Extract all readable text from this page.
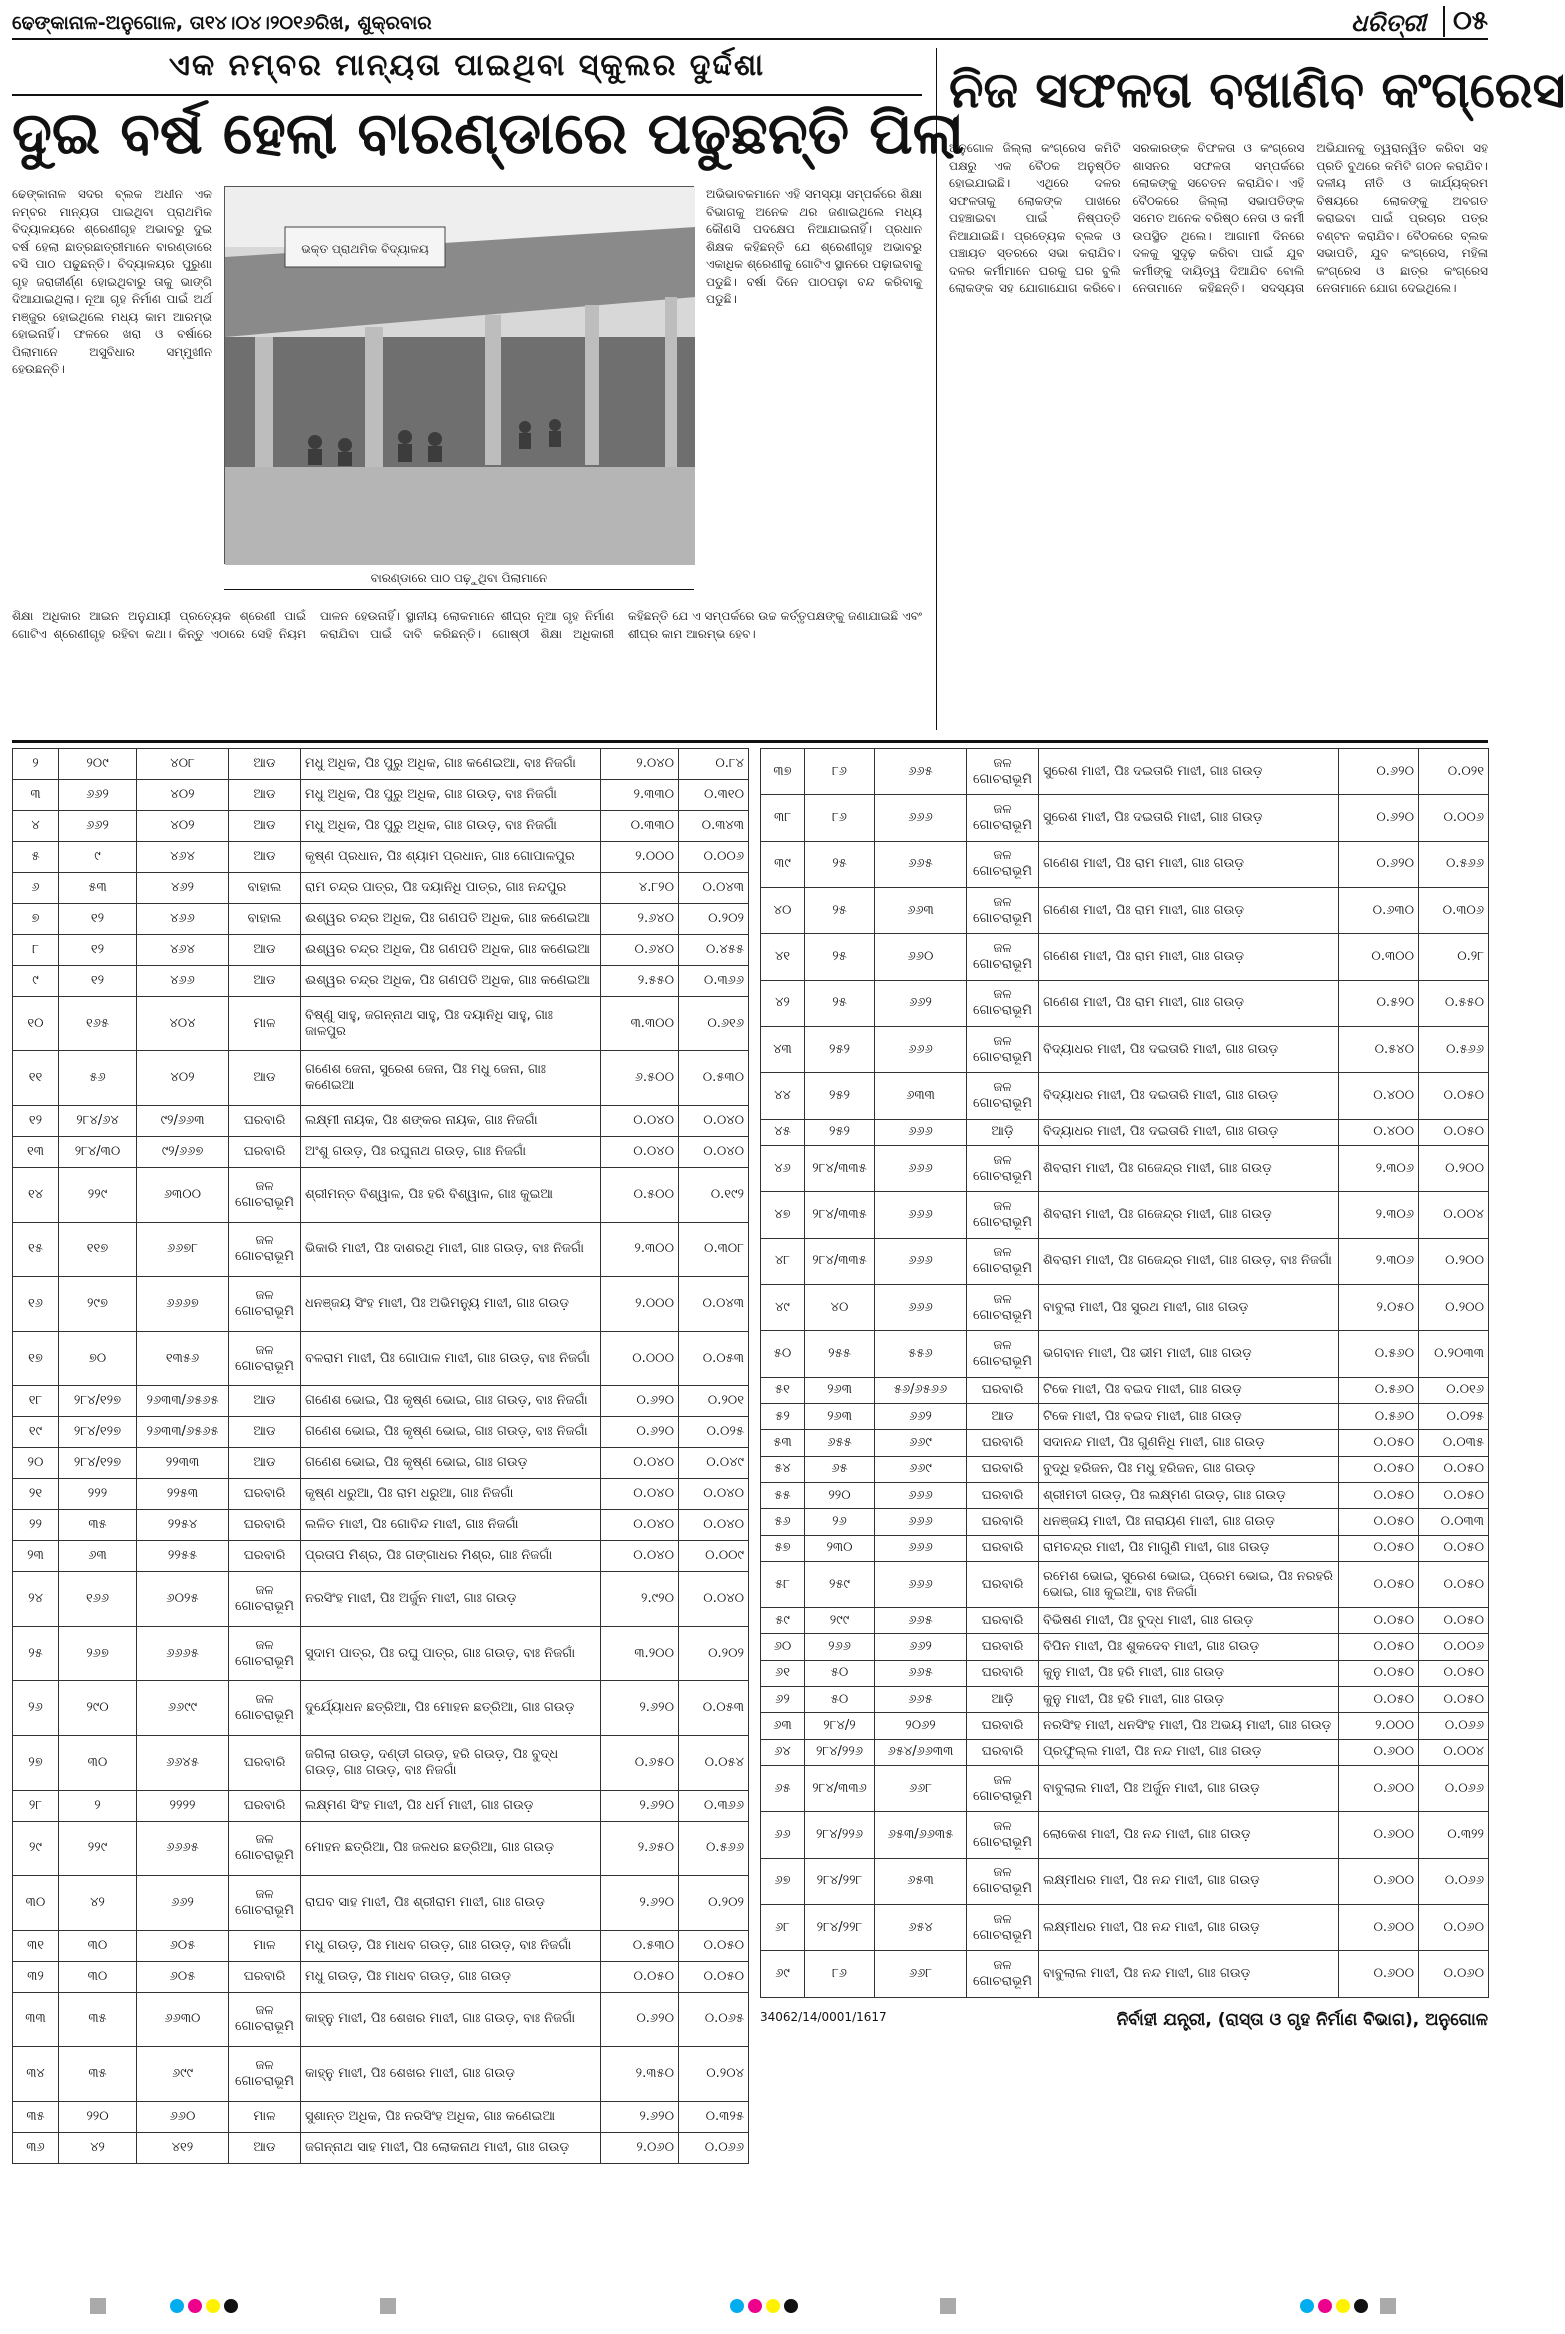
ଢେଙ୍କାନାଳ-ଅନୁଗୋଳ, ତା୧୪।୦୪।୨୦୧୬ରିଖ, ଶୁକ୍ରବାର	ଧରିତ୍ରୀ	୦୫
ଏକ ନମ୍ବର ମାନ୍ୟତା ପାଇଥିବା ସ୍କୁଲର ଦୁର୍ଦ୍ଦଶା
ଦୁଇ ବର୍ଷ ହେଲା ବାରଣ୍ଡାରେ ପଢୁଛନ୍ତି ପିଲା
ଢେଙ୍କାନାଳ ସଦର ବ୍ଲକ ଅଧୀନ ଏକ ନମ୍ବର ମାନ୍ୟତା ପାଇଥିବା ପ୍ରାଥମିକ ବିଦ୍ୟାଳୟରେ ଶ୍ରେଣୀଗୃହ ଅଭାବରୁ ଦୁଇ ବର୍ଷ ହେଲା ଛାତ୍ରଛାତ୍ରୀମାନେ ବାରଣ୍ଡାରେ ବସି ପାଠ ପଢୁଛନ୍ତି। ବିଦ୍ୟାଳୟର ପୁରୁଣା ଗୃହ ଜରାଜୀର୍ଣ୍ଣ ହୋଇଥିବାରୁ ତାକୁ ଭାଙ୍ଗି ଦିଆଯାଇଥିଲା। ନୂଆ ଗୃହ ନିର୍ମାଣ ପାଇଁ ଅର୍ଥ ମଞ୍ଜୁର ହୋଇଥିଲେ ମଧ୍ୟ କାମ ଆରମ୍ଭ ହୋଇନାହିଁ। ଫଳରେ ଖରା ଓ ବର୍ଷାରେ ପିଲାମାନେ ଅସୁବିଧାର ସମ୍ମୁଖୀନ ହେଉଛନ୍ତି।
ଭକ୍ତ ପ୍ରାଥମିକ ବିଦ୍ୟାଳୟ
ବାରଣ୍ଡାରେ ପାଠ ପଢ଼ୁଥିବା ପିଲାମାନେ
ଅଭିଭାବକମାନେ ଏହି ସମସ୍ୟା ସମ୍ପର୍କରେ ଶିକ୍ଷା ବିଭାଗକୁ ଅନେକ ଥର ଜଣାଇଥିଲେ ମଧ୍ୟ କୌଣସି ପଦକ୍ଷେପ ନିଆଯାଇନାହିଁ। ପ୍ରଧାନ ଶିକ୍ଷକ କହିଛନ୍ତି ଯେ ଶ୍ରେଣୀଗୃହ ଅଭାବରୁ ଏକାଧିକ ଶ୍ରେଣୀକୁ ଗୋଟିଏ ସ୍ଥାନରେ ପଢ଼ାଇବାକୁ ପଡୁଛି। ବର୍ଷା ଦିନେ ପାଠପଢ଼ା ବନ୍ଦ କରିବାକୁ ପଡୁଛି।
ଶିକ୍ଷା ଅଧିକାର ଆଇନ ଅନୁଯାୟୀ ପ୍ରତ୍ୟେକ ଶ୍ରେଣୀ ପାଇଁ ଗୋଟିଏ ଶ୍ରେଣୀଗୃହ ରହିବା କଥା। କିନ୍ତୁ ଏଠାରେ ସେହି ନିୟମ ପାଳନ ହେଉନାହିଁ। ସ୍ଥାନୀୟ ଲୋକମାନେ ଶୀଘ୍ର ନୂଆ ଗୃହ ନିର୍ମାଣ କରାଯିବା ପାଇଁ ଦାବି କରିଛନ୍ତି। ଗୋଷ୍ଠୀ ଶିକ୍ଷା ଅଧିକାରୀ କହିଛନ୍ତି ଯେ ଏ ସମ୍ପର୍କରେ ଉଚ୍ଚ କର୍ତ୍ତୃପକ୍ଷଙ୍କୁ ଜଣାଯାଇଛି ଏବଂ ଶୀଘ୍ର କାମ ଆରମ୍ଭ ହେବ।
ନିଜ ସଫଳତା ବଖାଣିବ କଂଗ୍ରେସ
ଅନୁଗୋଳ ଜିଲ୍ଲା କଂଗ୍ରେସ କମିଟି ପକ୍ଷରୁ ଏକ ବୈଠକ ଅନୁଷ୍ଠିତ ହୋଇଯାଇଛି। ଏଥିରେ ଦଳର ସଫଳତାକୁ ଲୋକଙ୍କ ପାଖରେ ପହଞ୍ଚାଇବା ପାଇଁ ନିଷ୍ପତ୍ତି ନିଆଯାଇଛି। ପ୍ରତ୍ୟେକ ବ୍ଲକ ଓ ପଞ୍ଚାୟତ ସ୍ତରରେ ସଭା କରାଯିବ। ଦଳର କର୍ମୀମାନେ ଘରକୁ ଘର ବୁଲି ଲୋକଙ୍କ ସହ ଯୋଗାଯୋଗ କରିବେ। ସରକାରଙ୍କ ବିଫଳତା ଓ କଂଗ୍ରେସ ଶାସନର ସଫଳତା ସମ୍ପର୍କରେ ଲୋକଙ୍କୁ ସଚେତନ କରାଯିବ। ଏହି ବୈଠକରେ ଜିଲ୍ଲା ସଭାପତିଙ୍କ ସମେତ ଅନେକ ବରିଷ୍ଠ ନେତା ଓ କର୍ମୀ ଉପସ୍ଥିତ ଥିଲେ। ଆଗାମୀ ଦିନରେ ଦଳକୁ ସୁଦୃଢ଼ କରିବା ପାଇଁ ଯୁବ କର୍ମୀଙ୍କୁ ଦାୟିତ୍ୱ ଦିଆଯିବ ବୋଲି ନେତାମାନେ କହିଛନ୍ତି। ସଦସ୍ୟତା ଅଭିଯାନକୁ ତ୍ୱରାନ୍ୱିତ କରିବା ସହ ପ୍ରତି ବୁଥରେ କମିଟି ଗଠନ କରାଯିବ। ଦଳୀୟ ନୀତି ଓ କାର୍ଯ୍ୟକ୍ରମ ବିଷୟରେ ଲୋକଙ୍କୁ ଅବଗତ କରାଇବା ପାଇଁ ପ୍ରଚାର ପତ୍ର ବଣ୍ଟନ କରାଯିବ। ବୈଠକରେ ବ୍ଲକ ସଭାପତି, ଯୁବ କଂଗ୍ରେସ, ମହିଳା କଂଗ୍ରେସ ଓ ଛାତ୍ର କଂଗ୍ରେସ ନେତାମାନେ ଯୋଗ ଦେଇଥିଲେ।
୨	୨୦୯	୪୦୮	ଆଡ	ମଧୁ ଅଧିକ, ପିଃ ପୁରୁ ଅଧିକ, ଗାଃ କଣେଇଆ, ବାଃ ନିଜଗାଁ	୨.୦୪୦	୦.୮୪
୩	୬୬୨	୪୦୨	ଆଡ	ମଧୁ ଅଧିକ, ପିଃ ପୁରୁ ଅଧିକ, ଗାଃ ଗଉଡ଼, ବାଃ ନିଜଗାଁ	୨.୩୩୦	୦.୩୧୦
୪	୬୬୨	୪୦୨	ଆଡ	ମଧୁ ଅଧିକ, ପିଃ ପୁରୁ ଅଧିକ, ଗାଃ ଗଉଡ଼, ବାଃ ନିଜଗାଁ	୦.୩୩୦	୦.୩୪୩
୫	୯	୪୬୪	ଆଡ	କୃଷ୍ଣ ପ୍ରଧାନ, ପିଃ ଶ୍ୟାମ ପ୍ରଧାନ, ଗାଃ ଗୋପାଳପୁର	୨.୦୦୦	୦.୦୦୬
୬	୫୩	୪୬୨	ବାହାଲ	ରାମ ଚନ୍ଦ୍ର ପାତ୍ର, ପିଃ ଦୟାନିଧି ପାତ୍ର, ଗାଃ ନନ୍ଦପୁର	୪.୮୨୦	୦.୦୪୩
୭	୧୨	୪୬୬	ବାହାଲ	ଈଶ୍ୱର ଚନ୍ଦ୍ର ଅଧିକ, ପିଃ ଗଣପତି ଅଧିକ, ଗାଃ କଣେଇଆ	୨.୬୪୦	୦.୨୦୨
୮	୧୨	୪୬୪	ଆଡ	ଈଶ୍ୱର ଚନ୍ଦ୍ର ଅଧିକ, ପିଃ ଗଣପତି ଅଧିକ, ଗାଃ କଣେଇଆ	୦.୬୪୦	୦.୪୫୫
୯	୧୨	୪୬୬	ଆଡ	ଈଶ୍ୱର ଚନ୍ଦ୍ର ଅଧିକ, ପିଃ ଗଣପତି ଅଧିକ, ଗାଃ କଣେଇଆ	୨.୫୫୦	୦.୩୬୬
୧୦	୧୬୫	୪୦୪	ମାଳ	ବିଷ୍ଣୁ ସାହୁ, ଜଗନ୍ନାଥ ସାହୁ, ପିଃ ଦୟାନିଧି ସାହୁ, ଗାଃ ଜାଳପୁର	୩.୩୦୦	୦.୬୧୬
୧୧	୫୬	୪୦୨	ଆଡ	ଗଣେଶ ଜେନା, ସୁରେଶ ଜେନା, ପିଃ ମଧୁ ଜେନା, ଗାଃ କଣେଇଆ	୬.୫୦୦	୦.୫୩୦
୧୨	୨୮୪/୬୪	୯୨/୬୬୩	ଘରବାରି	ଲକ୍ଷ୍ମୀ ନାୟକ, ପିଃ ଶଙ୍କର ନାୟକ, ଗାଃ ନିଜଗାଁ	୦.୦୪୦	୦.୦୪୦
୧୩	୨୮୪/୩୦	୯୨/୬୬୭	ଘରବାରି	ଅଂଶୁ ଗଉଡ଼, ପିଃ ରଘୁନାଥ ଗଉଡ଼, ଗାଃ ନିଜଗାଁ	୦.୦୪୦	୦.୦୪୦
୧୪	୨୨୯	୬୩୦୦	ଜଳ ଗୋଚରାଭୂମି	ଶ୍ରୀମନ୍ତ ବିଶ୍ୱାଳ, ପିଃ ହରି ବିଶ୍ୱାଳ, ଗାଃ କୁଇଆ	୦.୫୦୦	୦.୧୯୨
୧୫	୧୧୭	୬୬୭୮	ଜଳ ଗୋଚରାଭୂମି	ଭିକାରି ମାଝୀ, ପିଃ ଦାଶରଥି ମାଝୀ, ଗାଃ ଗଉଡ଼, ବାଃ ନିଜଗାଁ	୨.୩୦୦	୦.୩୦୮
୧୬	୨୯୭	୬୬୬୭	ଜଳ ଗୋଚରାଭୂମି	ଧନଞ୍ଜୟ ସିଂହ ମାଝୀ, ପିଃ ଅଭିମନ୍ୟୁ ମାଝୀ, ଗାଃ ଗଉଡ଼	୨.୦୦୦	୦.୦୪୩
୧୭	୭୦	୧୩୫୬	ଜଳ ଗୋଚରାଭୂମି	ବଳରାମ ମାଝୀ, ପିଃ ଗୋପାଳ ମାଝୀ, ଗାଃ ଗଉଡ଼, ବାଃ ନିଜଗାଁ	୦.୦୦୦	୦.୦୫୩
୧୮	୨୮୪/୧୨୭	୨୬୩୩/୬୫୬୫	ଆଡ	ଗଣେଶ ଭୋଇ, ପିଃ କୃଷ୍ଣ ଭୋଇ, ଗାଃ ଗଉଡ଼, ବାଃ ନିଜଗାଁ	୦.୬୨୦	୦.୨୦୧
୧୯	୨୮୪/୧୨୭	୨୬୩୩/୬୫୬୫	ଆଡ	ଗଣେଶ ଭୋଇ, ପିଃ କୃଷ୍ଣ ଭୋଇ, ଗାଃ ଗଉଡ଼, ବାଃ ନିଜଗାଁ	୦.୬୨୦	୦.୦୨୫
୨୦	୨୮୪/୧୨୭	୨୨୩୩	ଆଡ	ଗଣେଶ ଭୋଇ, ପିଃ କୃଷ୍ଣ ଭୋଇ, ଗାଃ ଗଉଡ଼	୦.୦୪୦	୦.୦୪୯
୨୧	୨୨୨	୨୨୫୩	ଘରବାରି	କୃଷ୍ଣ ଧରୁଆ, ପିଃ ରାମ ଧରୁଆ, ଗାଃ ନିଜଗାଁ	୦.୦୪୦	୦.୦୪୦
୨୨	୩୫	୨୨୫୪	ଘରବାରି	ଲଳିତ ମାଝୀ, ପିଃ ଗୋବିନ୍ଦ ମାଝୀ, ଗାଃ ନିଜଗାଁ	୦.୦୪୦	୦.୦୪୦
୨୩	୬୩	୨୨୫୫	ଘରବାରି	ପ୍ରତାପ ମିଶ୍ର, ପିଃ ଗଙ୍ଗାଧର ମିଶ୍ର, ଗାଃ ନିଜଗାଁ	୦.୦୪୦	୦.୦୦୯
୨୪	୧୬୬	୬୦୨୫	ଜଳ ଗୋଚରାଭୂମି	ନରସିଂହ ମାଝୀ, ପିଃ ଅର୍ଜୁନ ମାଝୀ, ଗାଃ ଗଉଡ଼	୨.୯୨୦	୦.୦୪୦
୨୫	୨୬୭	୬୬୬୫	ଜଳ ଗୋଚରାଭୂମି	ସୁଦାମ ପାତ୍ର, ପିଃ ରଘୁ ପାତ୍ର, ଗାଃ ଗଉଡ଼, ବାଃ ନିଜଗାଁ	୩.୨୦୦	୦.୨୦୨
୨୬	୨୯୦	୬୬୯୯	ଜଳ ଗୋଚରାଭୂମି	ଦୁର୍ଯ୍ୟୋଧନ ଛତ୍ରିଆ, ପିଃ ମୋହନ ଛତ୍ରିଆ, ଗାଃ ଗଉଡ଼	୨.୬୨୦	୦.୦୫୩
୨୭	୩୦	୬୬୪୫	ଘରବାରି	ଜଗିଲା ଗଉଡ଼, ଦଣ୍ଡୀ ଗଉଡ଼, ହରି ଗଉଡ଼, ପିଃ ବୁଦ୍ଧ ଗଉଡ଼, ଗାଃ ଗଉଡ଼, ବାଃ ନିଜଗାଁ	୦.୬୫୦	୦.୦୫୪
୨୮	୨	୨୨୨୨	ଘରବାରି	ଲକ୍ଷ୍ମଣ ସିଂହ ମାଝୀ, ପିଃ ଧର୍ମ ମାଝୀ, ଗାଃ ଗଉଡ଼	୨.୬୨୦	୦.୩୬୬
୨୯	୨୨୯	୬୬୬୫	ଜଳ ଗୋଚରାଭୂମି	ମୋହନ ଛତ୍ରିଆ, ପିଃ ଜଳଧର ଛତ୍ରିଆ, ଗାଃ ଗଉଡ଼	୨.୬୫୦	୦.୫୬୬
୩୦	୪୨	୬୬୨	ଜଳ ଗୋଚରାଭୂମି	ରାଘବ ସାହ ମାଝୀ, ପିଃ ଶ୍ରୀରାମ ମାଝୀ, ଗାଃ ଗଉଡ଼	୨.୬୨୦	୦.୨୦୨
୩୧	୩୦	୬୦୫	ମାଳ	ମଧୁ ଗଉଡ଼, ପିଃ ମାଧବ ଗଉଡ଼, ଗାଃ ଗଉଡ଼, ବାଃ ନିଜଗାଁ	୦.୫୩୦	୦.୦୫୦
୩୨	୩୦	୬୦୫	ଘରବାରି	ମଧୁ ଗଉଡ଼, ପିଃ ମାଧବ ଗଉଡ଼, ଗାଃ ଗଉଡ଼	୦.୦୫୦	୦.୦୫୦
୩୩	୩୫	୬୬୩୦	ଜଳ ଗୋଚରାଭୂମି	କାହ୍ନୁ ମାଝୀ, ପିଃ ଶେଖର ମାଝୀ, ଗାଃ ଗଉଡ଼, ବାଃ ନିଜଗାଁ	୦.୬୨୦	୦.୦୬୫
୩୪	୩୫	୬୯୯	ଜଳ ଗୋଚରାଭୂମି	କାହ୍ନୁ ମାଝୀ, ପିଃ ଶେଖର ମାଝୀ, ଗାଃ ଗଉଡ଼	୨.୩୫୦	୦.୨୦୪
୩୫	୨୨୦	୬୬୦	ମାଳ	ସୁଶାନ୍ତ ଅଧିକ, ପିଃ ନରସିଂହ ଅଧିକ, ଗାଃ କଣେଇଆ	୨.୬୨୦	୦.୩୨୫
୩୬	୪୨	୪୧୨	ଆଡ	ଜଗନ୍ନାଥ ସାହ ମାଝୀ, ପିଃ ଲୋକନାଥ ମାଝୀ, ଗାଃ ଗଉଡ଼	୨.୦୬୦	୦.୦୬୬
୩୭	୮୬	୬୬୫	ଜଳ ଗୋଚରାଭୂମି	ସୁରେଶ ମାଝୀ, ପିଃ ଦଇତାରି ମାଝୀ, ଗାଃ ଗଉଡ଼	୦.୬୨୦	୦.୦୨୧
୩୮	୮୬	୬୬୬	ଜଳ ଗୋଚରାଭୂମି	ସୁରେଶ ମାଝୀ, ପିଃ ଦଇତାରି ମାଝୀ, ଗାଃ ଗଉଡ଼	୦.୬୨୦	୦.୦୦୬
୩୯	୨୫	୬୬୫	ଜଳ ଗୋଚରାଭୂମି	ଗଣେଶ ମାଝୀ, ପିଃ ରାମ ମାଝୀ, ଗାଃ ଗଉଡ଼	୦.୬୨୦	୦.୫୬୬
୪୦	୨୫	୬୬୩	ଜଳ ଗୋଚରାଭୂମି	ଗଣେଶ ମାଝୀ, ପିଃ ରାମ ମାଝୀ, ଗାଃ ଗଉଡ଼	୦.୬୩୦	୦.୩୦୬
୪୧	୨୫	୬୬୦	ଜଳ ଗୋଚରାଭୂମି	ଗଣେଶ ମାଝୀ, ପିଃ ରାମ ମାଝୀ, ଗାଃ ଗଉଡ଼	୦.୩୦୦	୦.୨୮
୪୨	୨୫	୬୬୨	ଜଳ ଗୋଚରାଭୂମି	ଗଣେଶ ମାଝୀ, ପିଃ ରାମ ମାଝୀ, ଗାଃ ଗଉଡ଼	୦.୫୨୦	୦.୫୫୦
୪୩	୨୫୨	୬୬୬	ଜଳ ଗୋଚରାଭୂମି	ବିଦ୍ୟାଧର ମାଝୀ, ପିଃ ଦଇତାରି ମାଝୀ, ଗାଃ ଗଉଡ଼	୦.୫୪୦	୦.୫୬୬
୪୪	୨୫୨	୬୩୩	ଜଳ ଗୋଚରାଭୂମି	ବିଦ୍ୟାଧର ମାଝୀ, ପିଃ ଦଇତାରି ମାଝୀ, ଗାଃ ଗଉଡ଼	୦.୪୦୦	୦.୦୫୦
୪୫	୨୫୨	୬୬୬	ଆଡ଼ି	ବିଦ୍ୟାଧର ମାଝୀ, ପିଃ ଦଇତାରି ମାଝୀ, ଗାଃ ଗଉଡ଼	୦.୪୦୦	୦.୦୫୦
୪୬	୨୮୪/୩୩୫	୬୬୬	ଜଳ ଗୋଚରାଭୂମି	ଶିବରାମ ମାଝୀ, ପିଃ ଗଜେନ୍ଦ୍ର ମାଝୀ, ଗାଃ ଗଉଡ଼	୨.୩୦୬	୦.୨୦୦
୪୭	୨୮୪/୩୩୫	୬୬୬	ଜଳ ଗୋଚରାଭୂମି	ଶିବରାମ ମାଝୀ, ପିଃ ଗଜେନ୍ଦ୍ର ମାଝୀ, ଗାଃ ଗଉଡ଼	୨.୩୦୬	୦.୦୦୪
୪୮	୨୮୪/୩୩୫	୬୬୬	ଜଳ ଗୋଚରାଭୂମି	ଶିବରାମ ମାଝୀ, ପିଃ ଗଜେନ୍ଦ୍ର ମାଝୀ, ଗାଃ ଗଉଡ଼, ବାଃ ନିଜଗାଁ	୨.୩୦୬	୦.୨୦୦
୪୯	୪୦	୬୬୬	ଜଳ ଗୋଚରାଭୂମି	ବାବୁଲା ମାଝୀ, ପିଃ ସୁରଥ ମାଝୀ, ଗାଃ ଗଉଡ଼	୨.୦୫୦	୦.୨୦୦
୫୦	୨୫୫	୫୫୬	ଜଳ ଗୋଚରାଭୂମି	ଭଗବାନ ମାଝୀ, ପିଃ ଭୀମ ମାଝୀ, ଗାଃ ଗଉଡ଼	୦.୫୬୦	୦.୨୦୩୩
୫୧	୨୬୩	୫୬/୬୫୬୬	ଘରବାରି	ଟିକେ ମାଝୀ, ପିଃ ବଇଦ ମାଝୀ, ଗାଃ ଗଉଡ଼	୦.୫୬୦	୦.୦୧୬
୫୨	୨୬୩	୬୬୨	ଆଡ	ଟିକେ ମାଝୀ, ପିଃ ବଇଦ ମାଝୀ, ଗାଃ ଗଉଡ଼	୦.୫୬୦	୦.୦୨୫
୫୩	୬୫୫	୬୬୯	ଘରବାରି	ସଦାନନ୍ଦ ମାଝୀ, ପିଃ ଗୁଣନିଧି ମାଝୀ, ଗାଃ ଗଉଡ଼	୦.୦୫୦	୦.୦୩୫
୫୪	୬୫	୬୬୯	ଘରବାରି	ବୁଦ୍ଧି ହରିଜନ, ପିଃ ମଧୁ ହରିଜନ, ଗାଃ ଗଉଡ଼	୦.୦୫୦	୦.୦୫୦
୫୫	୨୨୦	୬୬୬	ଘରବାରି	ଶ୍ରୀମତୀ ଗଉଡ଼, ପିଃ ଲକ୍ଷ୍ମଣ ଗଉଡ଼, ଗାଃ ଗଉଡ଼	୦.୦୫୦	୦.୦୫୦
୫୬	୨୬	୬୬୬	ଘରବାରି	ଧନଞ୍ଜୟ ମାଝୀ, ପିଃ ନାରାୟଣ ମାଝୀ, ଗାଃ ଗଉଡ଼	୦.୦୫୦	୦.୦୩୩
୫୭	୨୩୦	୬୬୬	ଘରବାରି	ରାମଚନ୍ଦ୍ର ମାଝୀ, ପିଃ ମାଗୁଣି ମାଝୀ, ଗାଃ ଗଉଡ଼	୦.୦୫୦	୦.୦୫୦
୫୮	୨୫୯	୬୬୬	ଘରବାରି	ରମେଶ ଭୋଇ, ସୁରେଶ ଭୋଇ, ପ୍ରେମ ଭୋଇ, ପିଃ ନରହରି ଭୋଇ, ଗାଃ କୁଇଆ, ବାଃ ନିଜଗାଁ	୦.୦୫୦	୦.୦୫୦
୫୯	୨୯୯	୬୬୫	ଘରବାରି	ବିଭିଷଣ ମାଝୀ, ପିଃ ବୁଦ୍ଧ ମାଝୀ, ଗାଃ ଗଉଡ଼	୦.୦୫୦	୦.୦୫୦
୬୦	୨୬୬	୬୬୨	ଘରବାରି	ବିପିନ ମାଝୀ, ପିଃ ଶୁକଦେବ ମାଝୀ, ଗାଃ ଗଉଡ଼	୦.୦୫୦	୦.୦୦୬
୬୧	୫୦	୬୬୫	ଘରବାରି	କୁନୁ ମାଝୀ, ପିଃ ହରି ମାଝୀ, ଗାଃ ଗଉଡ଼	୦.୦୫୦	୦.୦୫୦
୬୨	୫୦	୬୬୫	ଆଡ଼ି	କୁନୁ ମାଝୀ, ପିଃ ହରି ମାଝୀ, ଗାଃ ଗଉଡ଼	୦.୦୫୦	୦.୦୫୦
୬୩	୨୮୪/୨	୨୦୬୨	ଘରବାରି	ନରସିଂହ ମାଝୀ, ଧନସିଂହ ମାଝୀ, ପିଃ ଅଭୟ ମାଝୀ, ଗାଃ ଗଉଡ଼	୨.୦୦୦	୦.୦୬୬
୬୪	୨୮୪/୨୨୬	୬୫୪/୬୬୩୩	ଘରବାରି	ପ୍ରଫୁଲ୍ଲ ମାଝୀ, ପିଃ ନନ୍ଦ ମାଝୀ, ଗାଃ ଗଉଡ଼	୦.୬୦୦	୦.୦୦୪
୬୫	୨୮୪/୩୩୬	୬୬୮	ଜଳ ଗୋଚରାଭୂମି	ବାବୁଲାଲ ମାଝୀ, ପିଃ ଅର୍ଜୁନ ମାଝୀ, ଗାଃ ଗଉଡ଼	୦.୬୦୦	୦.୦୬୬
୬୬	୨୮୪/୨୨୬	୬୫୩/୬୬୩୫	ଜଳ ଗୋଚରାଭୂମି	ଲୋକେଶ ମାଝୀ, ପିଃ ନନ୍ଦ ମାଝୀ, ଗାଃ ଗଉଡ଼	୦.୬୦୦	୦.୩୨୨
୬୭	୨୮୪/୨୨୮	୬୫୩	ଜଳ ଗୋଚରାଭୂମି	ଲକ୍ଷ୍ମୀଧର ମାଝୀ, ପିଃ ନନ୍ଦ ମାଝୀ, ଗାଃ ଗଉଡ଼	୦.୬୦୦	୦.୦୬୬
୬୮	୨୮୪/୨୨୮	୬୫୪	ଜଳ ଗୋଚରାଭୂମି	ଲକ୍ଷ୍ମୀଧର ମାଝୀ, ପିଃ ନନ୍ଦ ମାଝୀ, ଗାଃ ଗଉଡ଼	୦.୬୦୦	୦.୦୬୦
୬୯	୮୬	୬୬୮	ଜଳ ଗୋଚରାଭୂମି	ବାବୁଲାଲ ମାଝୀ, ପିଃ ନନ୍ଦ ମାଝୀ, ଗାଃ ଗଉଡ଼	୦.୬୦୦	୦.୦୬୦
34062/14/0001/1617	ନିର୍ବାହୀ ଯନ୍ତ୍ରୀ, (ରାସ୍ତା ଓ ଗୃହ ନିର୍ମାଣ ବିଭାଗ), ଅନୁଗୋଳ
